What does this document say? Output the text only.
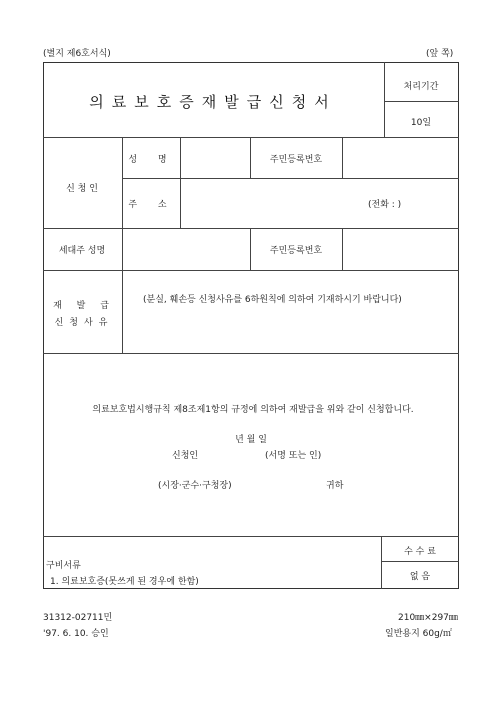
(별지 제6호서식)	(앞 쪽)
의료보호증재발급신청서
처리기간
10일
신 청 인
성 명	주민등록번호
주 소	(전화 : )
세대주 성명	주민등록번호
재 발 급
신청사유
(분실, 훼손등 신청사유를 6하원칙에 의하여 기재하시기 바랍니다)
의료보호법시행규칙 제8조제1항의 규정에 의하여 재발급을 위와 같이 신청합니다.
년 월 일
신청인	(서명 또는 인)
(시장·군수·구청장)	귀하
구비서류
1. 의료보호증(못쓰게 된 경우에 한함)
수 수 료
없 음
31312-02711민	210㎜×297㎜
'97. 6. 10. 승인	일반용지 60g/㎡
